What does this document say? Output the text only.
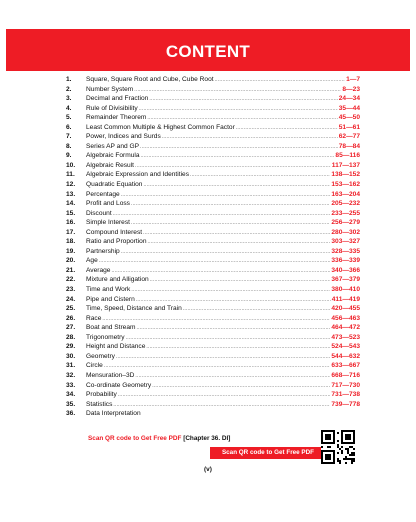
CONTENT
1. Square, Square Root and Cube, Cube Root .....	1—7
2. Number System .....	8—23
3. Decimal and Fraction .....	24—34
4. Rule of Divisibility .....	35—44
5. Remainder Theorem .....	45—50
6. Least Common Multiple & Highest Common Factor .....	51—61
7. Power, Indices and Surds .....	62—77
8. Series AP and GP .....	78—84
9. Algebraic Formula .....	85—116
10. Algebraic Result .....	117—137
11. Algebraic Expression and Identities .....	138—152
12. Quadratic Equation .....	153—162
13. Percentage .....	163—204
14. Profit and Loss .....	205—232
15. Discount .....	233—255
16. Simple Interest .....	256—279
17. Compound Interest .....	280—302
18. Ratio and Proportion .....	303—327
19. Partnership .....	328—335
20. Age .....	336—339
21. Average .....	340—366
22. Mixture and Alligation .....	367—379
23. Time and Work .....	380—410
24. Pipe and Cistern .....	411—419
25. Time, Speed, Distance and Train .....	420—455
26. Race .....	456—463
27. Boat and Stream .....	464—472
28. Trigonometry .....	473—523
29. Height and Distance .....	524—543
30. Geometry .....	544—632
31. Circle .....	633—667
32. Mensuration–3D .....	668—716
33. Co-ordinate Geometry .....	717—730
34. Probability .....	731—738
35. Statistics .....	739—778
36. Data Interpretation
Scan QR code to Get Free PDF [Chapter 36. DI]
Scan QR code to Get Free PDF
(v)
